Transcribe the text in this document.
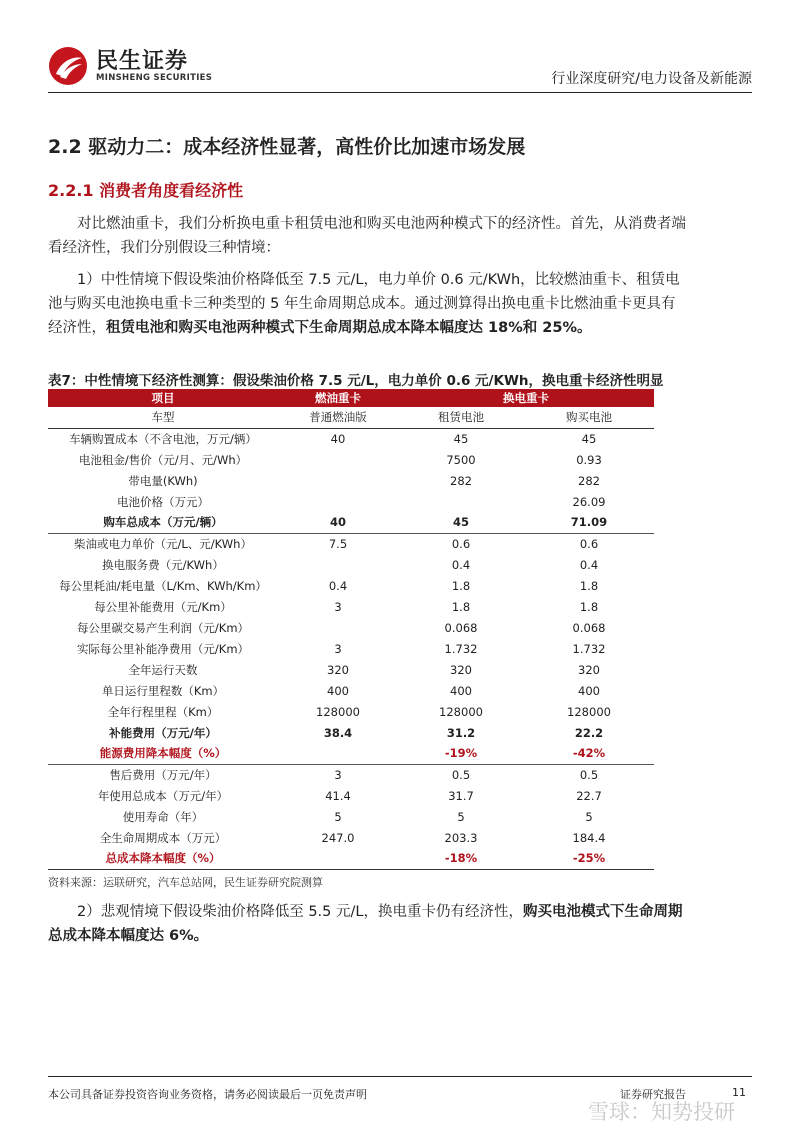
民生证券
MINSHENG SECURITIES	行业深度研究/电力设备及新能源
2.2 驱动力二：成本经济性显著，高性价比加速市场发展
2.2.1 消费者角度看经济性
对比燃油重卡，我们分析换电重卡租赁电池和购买电池两种模式下的经济性。首先，从消费者端看经济性，我们分别假设三种情境：
1）中性情境下假设柴油价格降低至 7.5 元/L，电力单价 0.6 元/KWh，比较燃油重卡、租赁电池与购买电池换电重卡三种类型的 5 年生命周期总成本。通过测算得出换电重卡比燃油重卡更具有经济性，租赁电池和购买电池两种模式下生命周期总成本降本幅度达 18%和 25%。
表7：中性情境下经济性测算：假设柴油价格 7.5 元/L，电力单价 0.6 元/KWh，换电重卡经济性明显
项目	燃油重卡	换电重卡	
车型	普通燃油版	租赁电池	购买电池
车辆购置成本（不含电池，万元/辆）	40	45	45
电池租金/售价（元/月、元/Wh）		7500	0.93
带电量(KWh)		282	282
电池价格（万元）			26.09
购车总成本（万元/辆）	40	45	71.09
柴油或电力单价（元/L、元/KWh）	7.5	0.6	0.6
换电服务费（元/KWh）		0.4	0.4
每公里耗油/耗电量（L/Km、KWh/Km）	0.4	1.8	1.8
每公里补能费用（元/Km）	3	1.8	1.8
每公里碳交易产生利润（元/Km）		0.068	0.068
实际每公里补能净费用（元/Km）	3	1.732	1.732
全年运行天数	320	320	320
单日运行里程数（Km）	400	400	400
全年行程里程（Km）	128000	128000	128000
补能费用（万元/年）	38.4	31.2	22.2
能源费用降本幅度（%）		-19%	-42%
售后费用（万元/年）	3	0.5	0.5
年使用总成本（万元/年）	41.4	31.7	22.7
使用寿命（年）	5	5	5
全生命周期成本（万元）	247.0	203.3	184.4
总成本降本幅度（%）		-18%	-25%
资料来源：运联研究，汽车总站网，民生证券研究院测算
2）悲观情境下假设柴油价格降低至 5.5 元/L，换电重卡仍有经济性，购买电池模式下生命周期总成本降本幅度达 6%。
本公司具备证券投资咨询业务资格，请务必阅读最后一页免责声明	证券研究报告	11
雪球：知势投研
